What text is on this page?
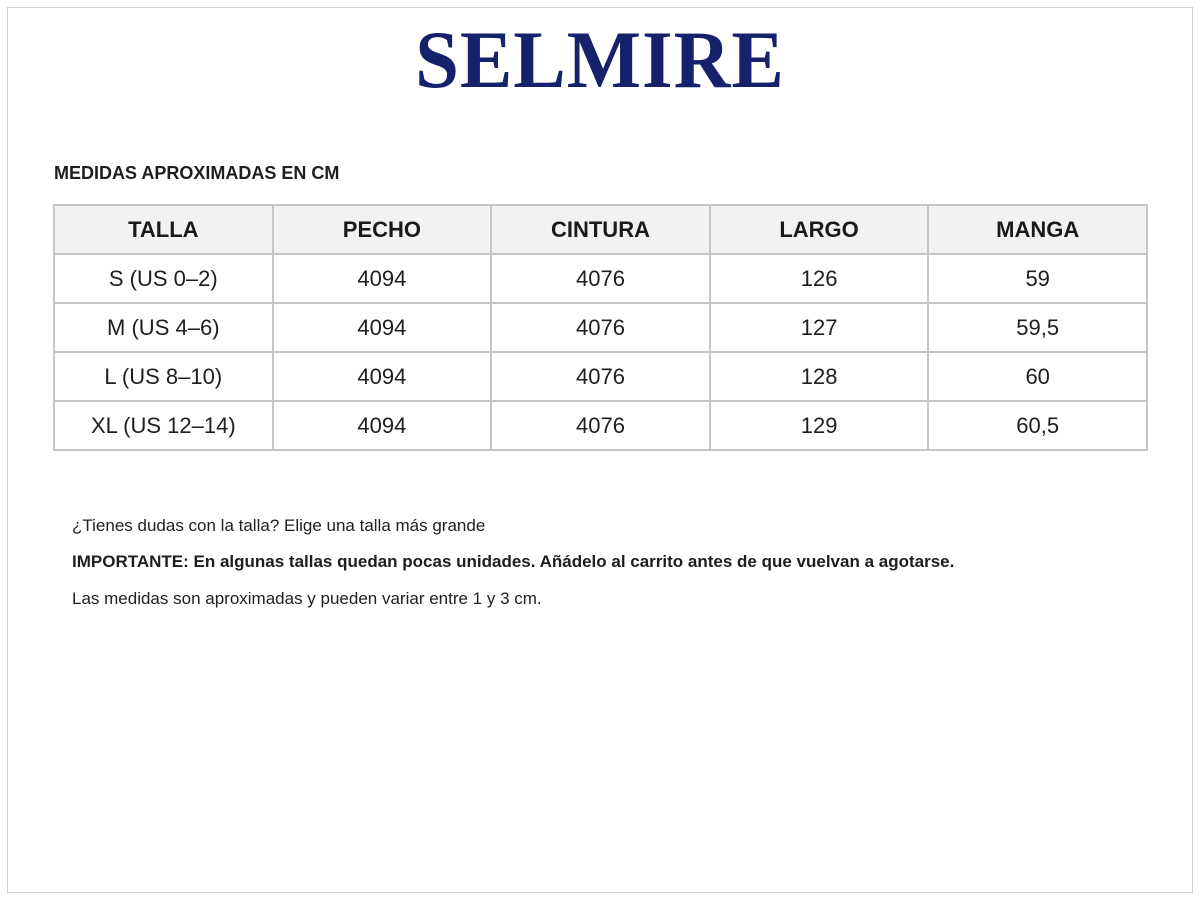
SELMIRE
MEDIDAS APROXIMADAS EN CM
TALLA	PECHO	CINTURA	LARGO	MANGA
S (US 0–2)	4094	4076	126	59
M (US 4–6)	4094	4076	127	59,5
L (US 8–10)	4094	4076	128	60
XL (US 12–14)	4094	4076	129	60,5
¿Tienes dudas con la talla? Elige una talla más grande
IMPORTANTE: En algunas tallas quedan pocas unidades. Añádelo al carrito antes de que vuelvan a agotarse.
Las medidas son aproximadas y pueden variar entre 1 y 3 cm.
